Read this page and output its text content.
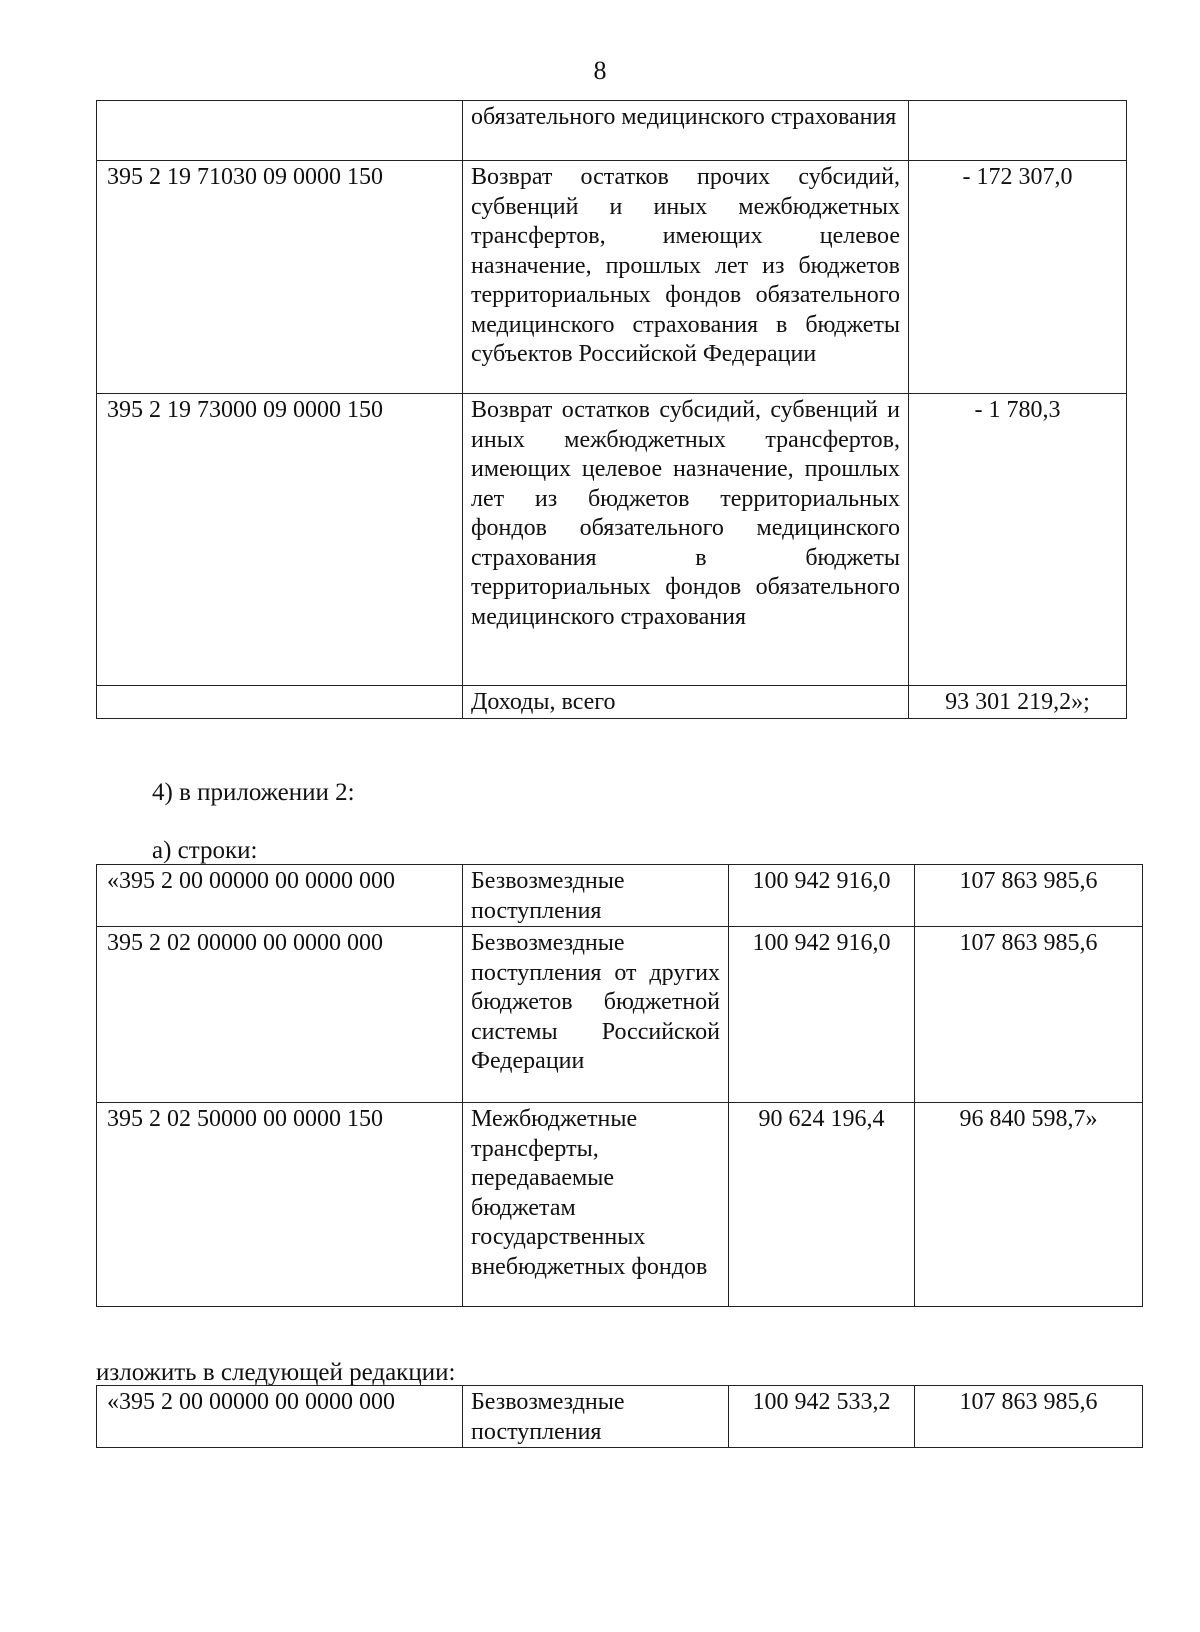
8
	обязательного медицинского страхования	
395 2 19 71030 09 0000 150	Возврат остатков прочих субсидий, субвенций и иных межбюджетных трансфертов, имеющих целевое назначение, прошлых лет из бюджетов территориальных фондов обязательного медицинского страхования в бюджеты субъектов Российской Федерации	- 172 307,0
395 2 19 73000 09 0000 150	Возврат остатков субсидий, субвенций и иных межбюджетных трансфертов, имеющих целевое назначение, прошлых лет из бюджетов территориальных фондов обязательного медицинского страхования в бюджеты территориальных фондов обязательного медицинского страхования	- 1 780,3
	Доходы, всего	93 301 219,2»;
4) в приложении 2:
а) строки:
«395 2 00 00000 00 0000 000	Безвозмездные поступления	100 942 916,0	107 863 985,6
395 2 02 00000 00 0000 000	Безвозмездные поступления от других бюджетов бюджетной системы Российской Федерации	100 942 916,0	107 863 985,6
395 2 02 50000 00 0000 150	Межбюджетные трансферты, передаваемые бюджетам государственных внебюджетных фондов	90 624 196,4	96 840 598,7»
изложить в следующей редакции:
«395 2 00 00000 00 0000 000	Безвозмездные поступления	100 942 533,2	107 863 985,6
